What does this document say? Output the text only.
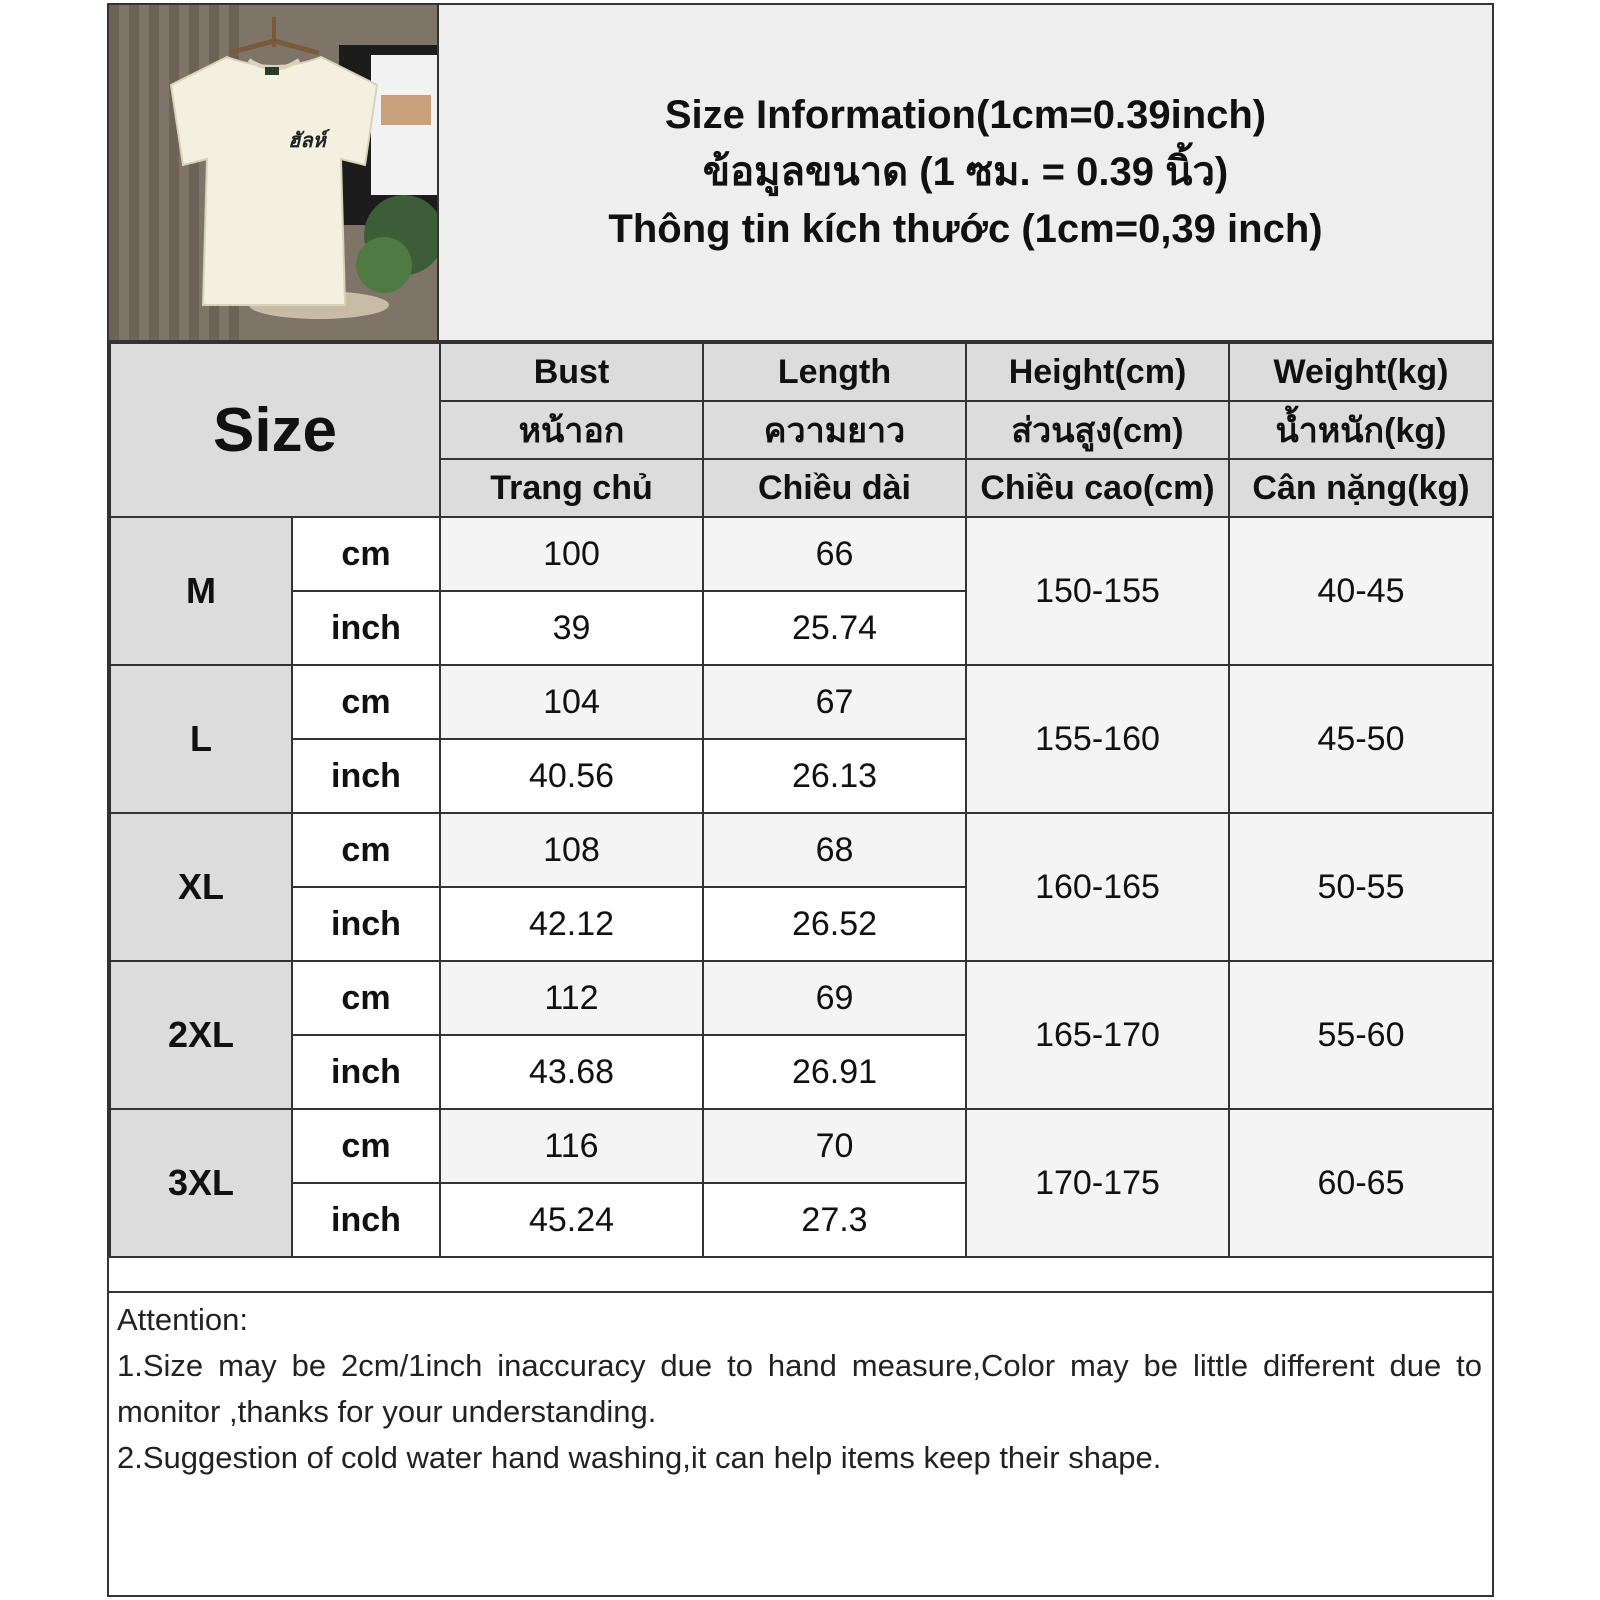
ฮัลห์
Size Information(1cm=0.39inch)
ข้อมูลขนาด (1 ซม. = 0.39 นิ้ว)
Thông tin kích thước (1cm=0,39 inch)
Size		Bust	Length	Height(cm)	Weight(kg)
		หน้าอก	ความยาว	ส่วนสูง(cm)	น้ำหนัก(kg)
		Trang chủ	Chiều dài	Chiều cao(cm)	Cân nặng(kg)
M	cm	100	66	150-155	40-45
	inch	39	25.74		
L	cm	104	67	155-160	45-50
	inch	40.56	26.13		
XL	cm	108	68	160-165	50-55
	inch	42.12	26.52		
2XL	cm	112	69	165-170	55-60
	inch	43.68	26.91		
3XL	cm	116	70	170-175	60-65
	inch	45.24	27.3		
Attention:
1.Size may be 2cm/1inch inaccuracy due to hand measure,Color may be little different due to monitor ,thanks for your understanding.
2.Suggestion of cold water hand washing,it can help items keep their shape.
